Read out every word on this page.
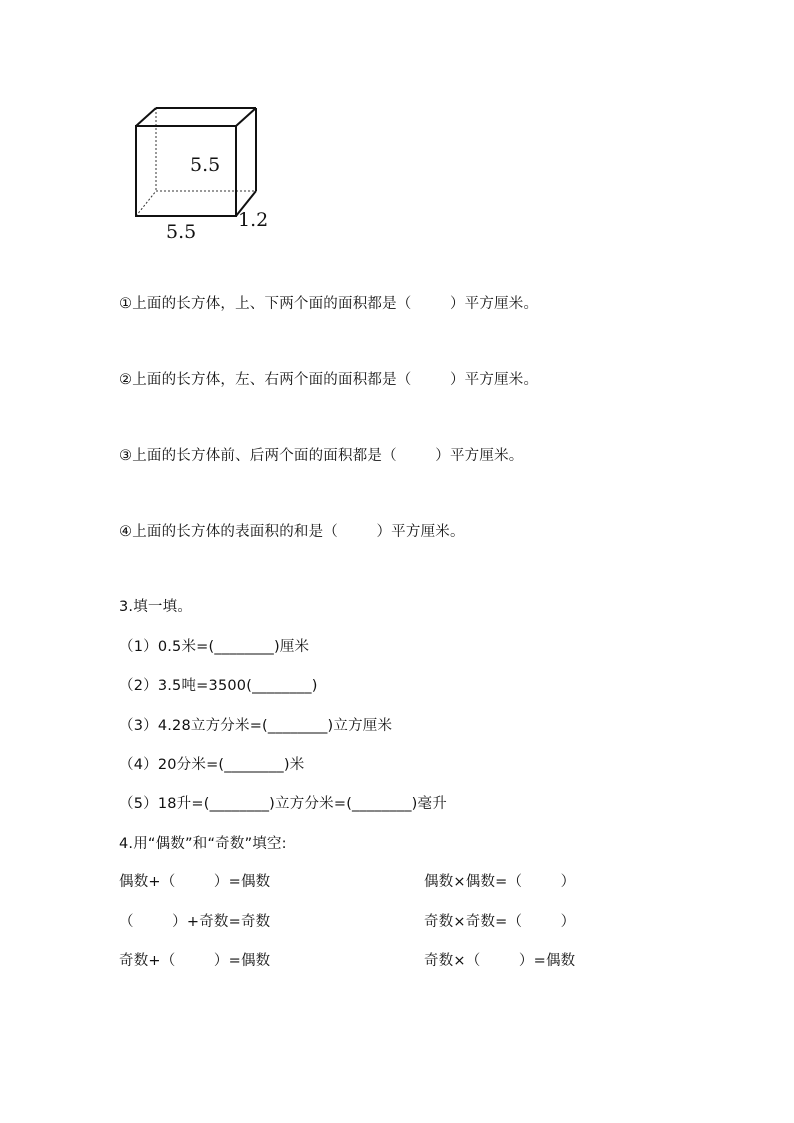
5.5
5.5
1.2
①上面的长方体，上、下两个面的面积都是（        ）平方厘米。
②上面的长方体，左、右两个面的面积都是（        ）平方厘米。
③上面的长方体前、后两个面的面积都是（        ）平方厘米。
④上面的长方体的表面积的和是（        ）平方厘米。
3.填一填。
（1）0.5米=(________)厘米
（2）3.5吨=3500(________)
（3）4.28立方分米=(________)立方厘米
（4）20分米=(________)米
（5）18升=(________)立方分米=(________)毫升
4.用“偶数”和“奇数”填空:
偶数+（        ）=偶数	偶数×偶数=（        ）
（        ）+奇数=奇数	奇数×奇数=（        ）
奇数+（        ）=偶数	奇数×（        ）=偶数
